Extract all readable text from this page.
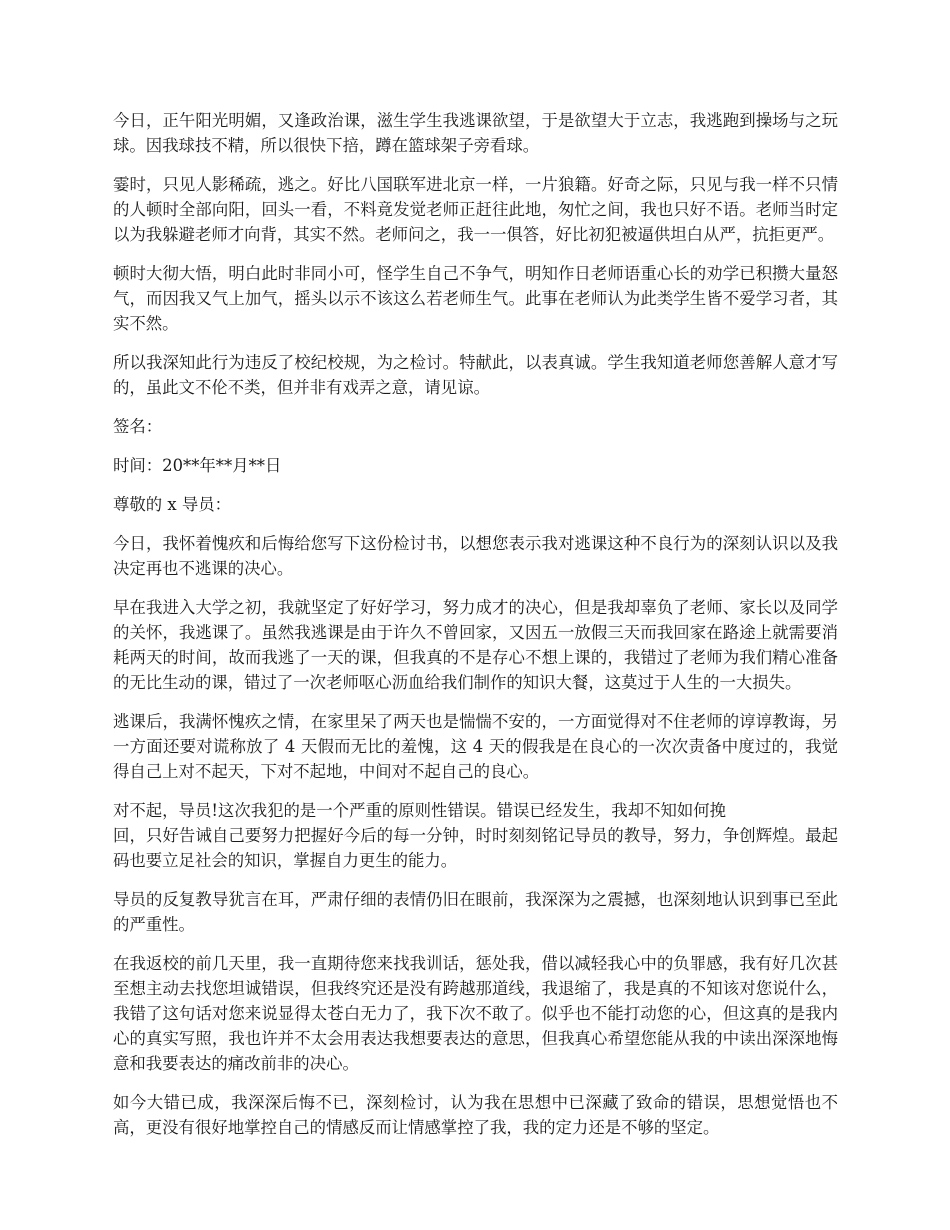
今日，正午阳光明媚，又逢政治课，滋生学生我逃课欲望，于是欲望大于立志，我逃跑到操场与之玩球。因我球技不精，所以很快下掊，蹲在篮球架子旁看球。

霎时，只见人影稀疏，逃之。好比八国联军进北京一样，一片狼籍。好奇之际，只见与我一样不只情的人顿时全部向阳，回头一看，不料竟发觉老师正赶往此地，匆忙之间，我也只好不语。老师当时定以为我躲避老师才向背，其实不然。老师问之，我一一俱答，好比初犯被逼供坦白从严，抗拒更严。

顿时大彻大悟，明白此时非同小可，怪学生自己不争气，明知作日老师语重心长的劝学已积攒大量怒气，而因我又气上加气，摇头以示不该这么若老师生气。此事在老师认为此类学生皆不爱学习者，其实不然。

所以我深知此行为违反了校纪校规，为之检讨。特献此，以表真诚。学生我知道老师您善解人意才写的，虽此文不伦不类，但并非有戏弄之意，请见谅。

签名：

时间：20**年**月**日

尊敬的 x 导员：

今日，我怀着愧疚和后悔给您写下这份检讨书，以想您表示我对逃课这种不良行为的深刻认识以及我决定再也不逃课的决心。

早在我进入大学之初，我就坚定了好好学习，努力成才的决心，但是我却辜负了老师、家长以及同学的关怀，我逃课了。虽然我逃课是由于许久不曾回家，又因五一放假三天而我回家在路途上就需要消耗两天的时间，故而我逃了一天的课，但我真的不是存心不想上课的，我错过了老师为我们精心准备的无比生动的课，错过了一次老师呕心沥血给我们制作的知识大餐，这莫过于人生的一大损失。

逃课后，我满怀愧疚之情，在家里呆了两天也是惴惴不安的，一方面觉得对不住老师的谆谆教诲，另一方面还要对谎称放了 4 天假而无比的羞愧，这 4 天的假我是在良心的一次次责备中度过的，我觉得自己上对不起天，下对不起地，中间对不起自己的良心。

对不起，导员!这次我犯的是一个严重的原则性错误。错误已经发生，我却不知如何挽
回，只好告诫自己要努力把握好今后的每一分钟，时时刻刻铭记导员的教导，努力，争创辉煌。最起码也要立足社会的知识，掌握自力更生的能力。

导员的反复教导犹言在耳，严肃仔细的表情仍旧在眼前，我深深为之震撼，也深刻地认识到事已至此的严重性。

在我返校的前几天里，我一直期待您来找我训话，惩处我，借以减轻我心中的负罪感，我有好几次甚至想主动去找您坦诚错误，但我终究还是没有跨越那道线，我退缩了，我是真的不知该对您说什么，我错了这句话对您来说显得太苍白无力了，我下次不敢了。似乎也不能打动您的心，但这真的是我内心的真实写照，我也许并不太会用表达我想要表达的意思，但我真心希望您能从我的中读出深深地悔意和我要表达的痛改前非的决心。

如今大错已成，我深深后悔不已，深刻检讨，认为我在思想中已深藏了致命的错误，思想觉悟也不高，更没有很好地掌控自己的情感反而让情感掌控了我，我的定力还是不够的坚定。
